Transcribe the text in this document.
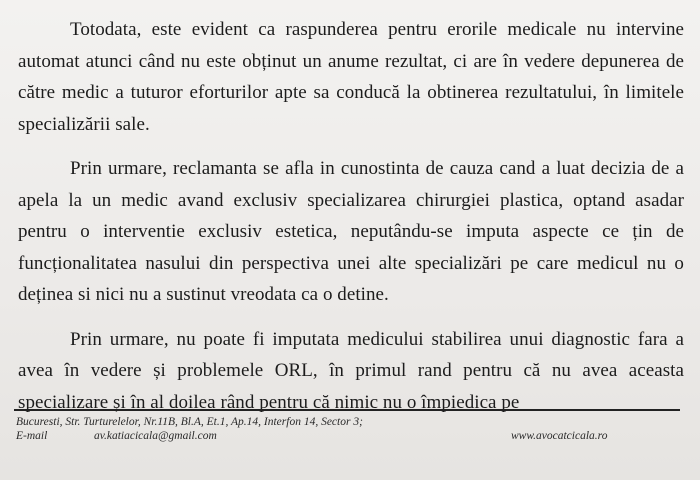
Totodata, este evident ca raspunderea pentru erorile medicale nu intervine automat atunci când nu este obținut un anume rezultat, ci are în vedere depunerea de către medic a tuturor eforturilor apte sa conducă la obtinerea rezultatului, în limitele specializării sale.

Prin urmare, reclamanta se afla in cunostinta de cauza cand a luat decizia de a apela la un medic avand exclusiv specializarea chirurgiei plastica, optand asadar pentru o interventie exclusiv estetica, neputându-se imputa aspecte ce țin de funcționalitatea nasului din perspectiva unei alte specializări pe care medicul nu o deținea si nici nu a sustinut vreodata ca o detine.

Prin urmare, nu poate fi imputata medicului stabilirea unui diagnostic fara a avea în vedere și problemele ORL, în primul rand pentru că nu avea aceasta specializare și în al doilea rând pentru că nimic nu o împiedica pe

Bucuresti, Str. Turturelelor, Nr.11B, Bl.A, Et.1, Ap.14, Interfon 14, Sector 3;
E-mail	av.katiacicala@gmail.com	www.avocatcicala.ro
